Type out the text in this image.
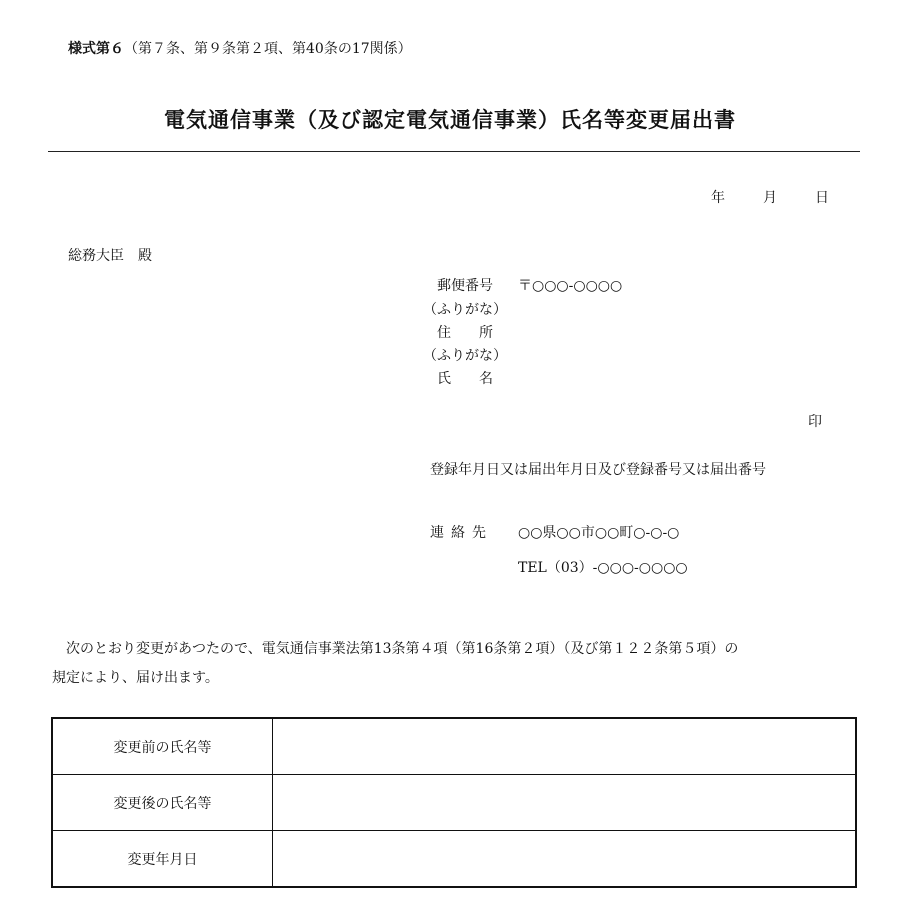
様式第６（第７条、第９条第２項、第40条の17関係）
電気通信事業（及び認定電気通信事業）氏名等変更届出書
年	月	日
総務大臣　殿
郵便番号	〒○○○-○○○○
（ふりがな）
住　　所
（ふりがな）
氏　　名
印
登録年月日又は届出年月日及び登録番号又は届出番号
連絡先 ○○県○○市○○町○-○-○
TEL（03）-○○○-○○○○
次のとおり変更があつたので、電気通信事業法第13条第４項（第16条第２項）（及び第１２２条第５項）の
規定により、届け出ます。
変更前の氏名等	
変更後の氏名等	
変更年月日	
